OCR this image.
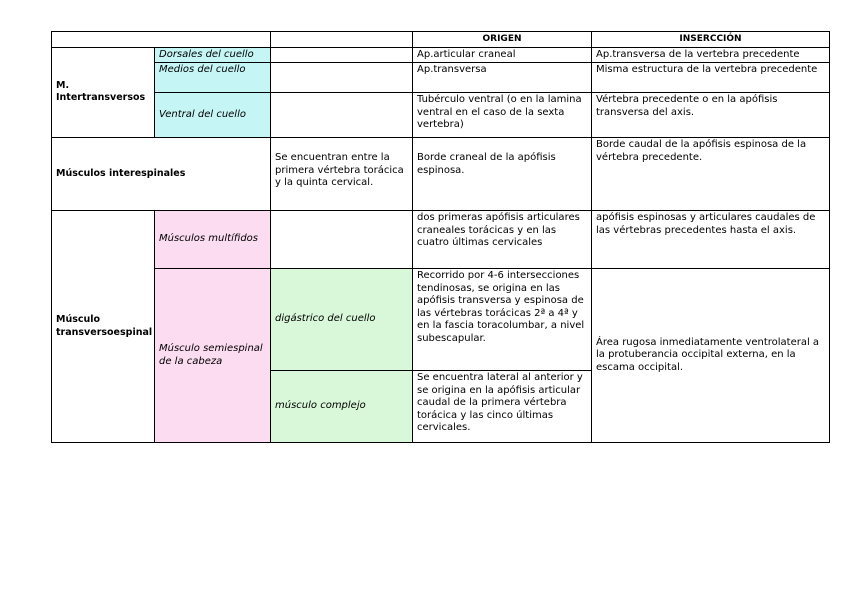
			ORIGEN	INSERCCIÓN
M. Intertransversos	Dorsales del cuello		Ap.articular craneal	Ap.transversa de la vertebra precedente
	Medios del cuello		Ap.transversa	Misma estructura de la vertebra precedente
	Ventral del cuello		Tubérculo ventral (o en la lamina ventral en el caso de la sexta vertebra)	Vértebra precedente o en la apófisis transversa del axis.
Músculos interespinales		Se encuentran entre la primera vértebra torácica y la quinta cervical.	Borde craneal de la apófisis espinosa.	Borde caudal de la apófisis espinosa de la vértebra precedente.
Músculo transversoespinal	Músculos multífidos		dos primeras apófisis articulares craneales torácicas y en las cuatro últimas cervicales	apófisis espinosas y articulares caudales de las vértebras precedentes hasta el axis.
	Músculo semiespinal de la cabeza	digástrico del cuello	Recorrido por 4-6 intersecciones tendinosas, se origina en las apófisis transversa y espinosa de las vértebras torácicas 2ª a 4ª y en la fascia toracolumbar, a nivel subescapular.	Área rugosa inmediatamente ventrolateral a la protuberancia occipital externa, en la escama occipital.
		músculo complejo	Se encuentra lateral al anterior y se origina en la apófisis articular caudal de la primera vértebra torácica y las cinco últimas cervicales.	
